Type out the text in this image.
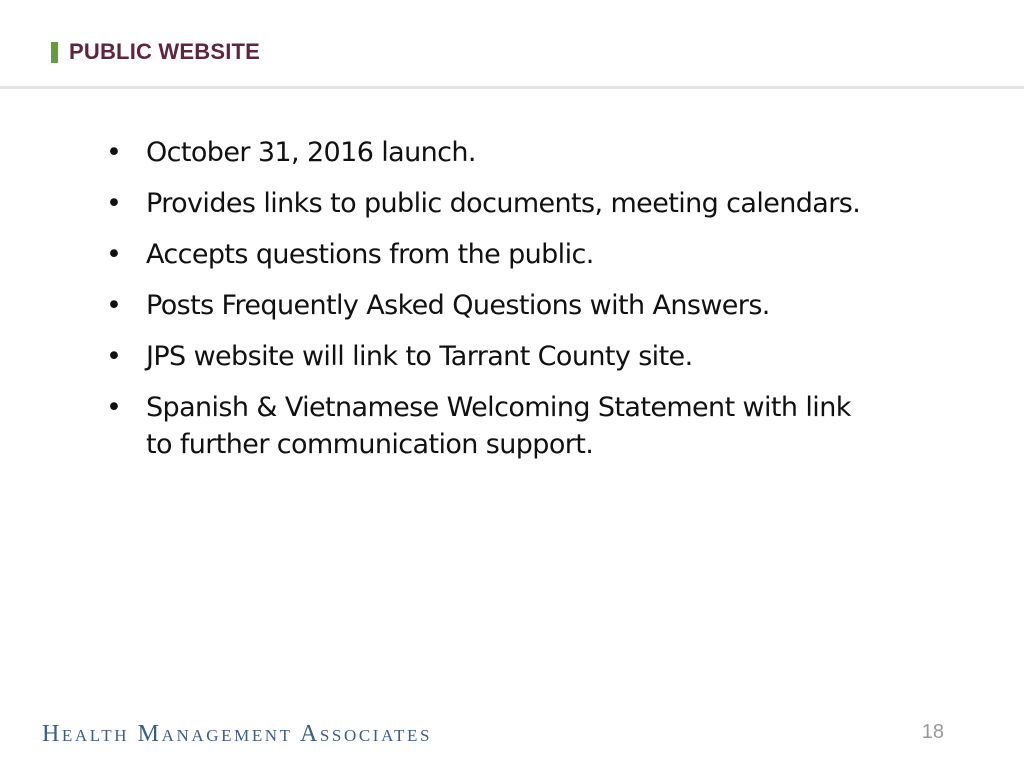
PUBLIC WEBSITE
• October 31, 2016 launch.
• Provides links to public documents, meeting calendars.
• Accepts questions from the public.
• Posts Frequently Asked Questions with Answers.
• JPS website will link to Tarrant County site.
• Spanish & Vietnamese Welcoming Statement with link to further communication support.
Health Management Associates	18
